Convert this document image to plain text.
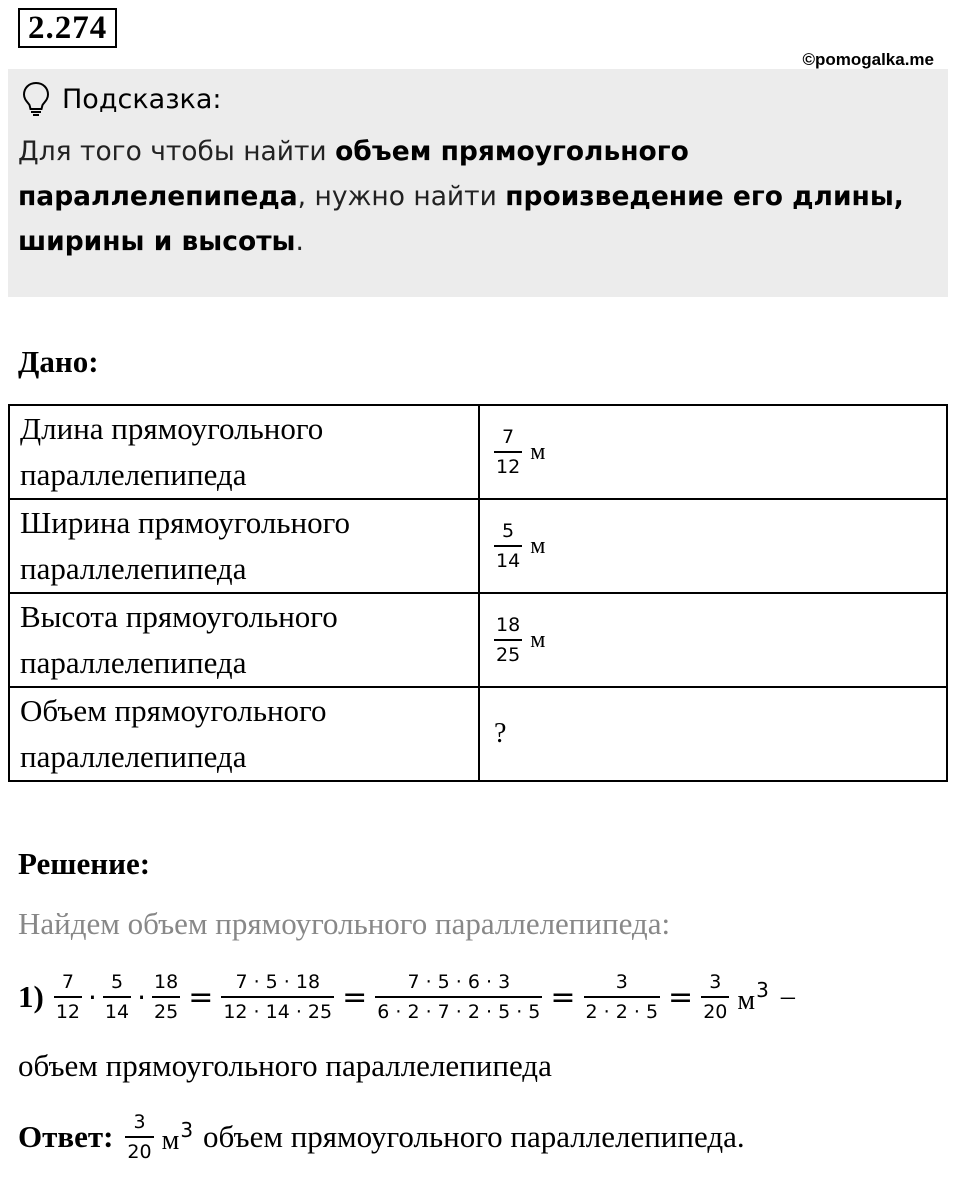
2.274
©pomogalka.me
Подсказка:
Для того чтобы найти объем прямоугольного параллелепипеда, нужно найти произведение его длины, ширины и высоты.
Дано:
Длина прямоугольного параллелепипеда	$\frac{7}{12}$ м
Ширина прямоугольного параллелепипеда	$\frac{5}{14}$ м
Высота прямоугольного параллелепипеда	$\frac{18}{25}$ м
Объем прямоугольного параллелепипеда	?
Решение:
Найдем объем прямоугольного параллелепипеда:
$1) \frac{7}{12} \cdot \frac{5}{14} \cdot \frac{18}{25} = \frac{7 \cdot 5 \cdot 18}{12 \cdot 14 \cdot 25} = \frac{7 \cdot 5 \cdot 6 \cdot 3}{6 \cdot 2 \cdot 7 \cdot 2 \cdot 5 \cdot 5} = \frac{3}{2 \cdot 2 \cdot 5} = \frac{3}{20} м^3$ –
объем прямоугольного параллелепипеда
Ответ: $\frac{3}{20} м^3$ объем прямоугольного параллелепипеда.
